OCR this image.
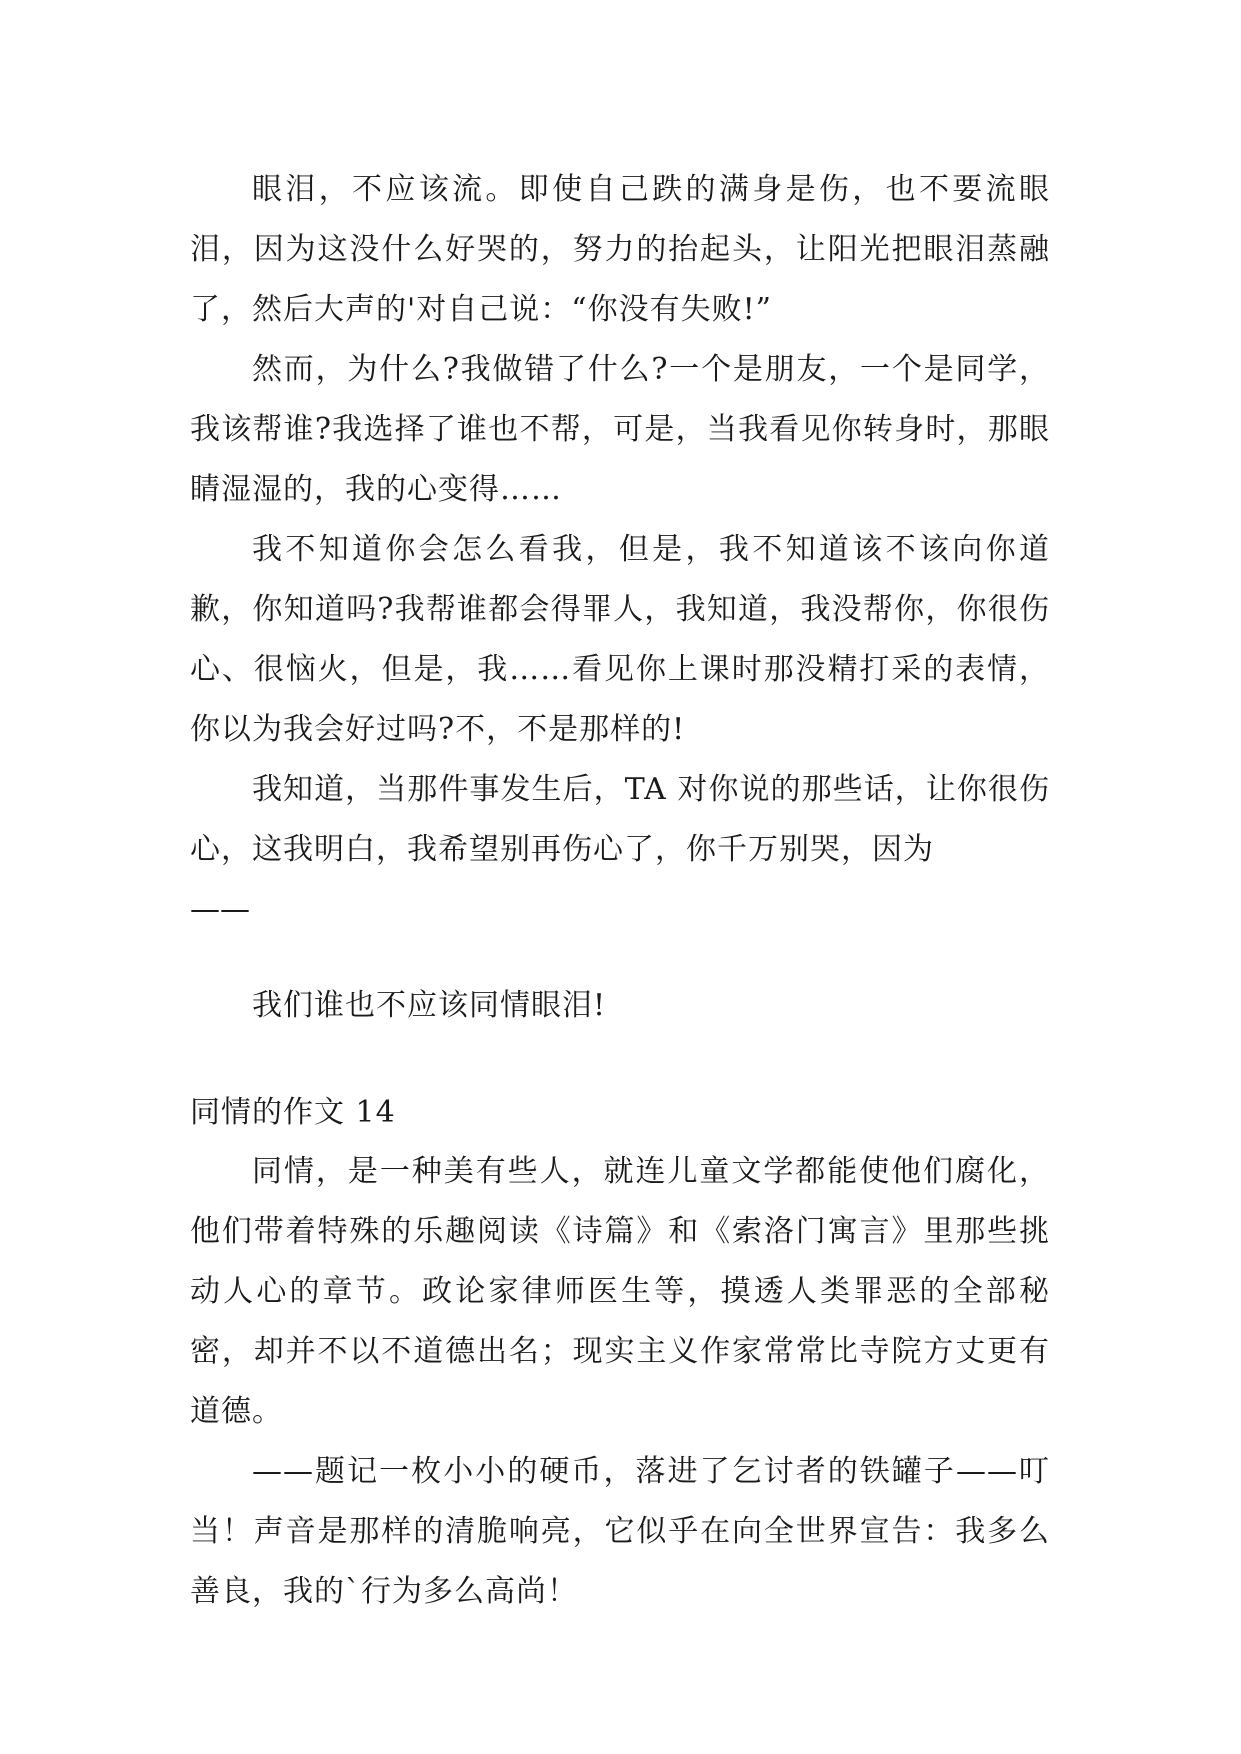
眼泪，不应该流。即使自己跌的满身是伤，也不要流眼泪，因为这没什么好哭的，努力的抬起头，让阳光把眼泪蒸融了，然后大声的'对自己说：“你没有失败!”

然而，为什么?我做错了什么?一个是朋友，一个是同学，我该帮谁?我选择了谁也不帮，可是，当我看见你转身时，那眼睛湿湿的，我的心变得……

我不知道你会怎么看我，但是，我不知道该不该向你道歉，你知道吗?我帮谁都会得罪人，我知道，我没帮你，你很伤心、很恼火，但是，我……看见你上课时那没精打采的表情，你以为我会好过吗?不，不是那样的!

我知道，当那件事发生后，TA 对你说的那些话，让你很伤心，这我明白，我希望别再伤心了，你千万别哭，因为

——

我们谁也不应该同情眼泪!

同情的作文 14

同情，是一种美有些人，就连儿童文学都能使他们腐化，他们带着特殊的乐趣阅读《诗篇》和《索洛门寓言》里那些挑动人心的章节。政论家律师医生等，摸透人类罪恶的全部秘密，却并不以不道德出名；现实主义作家常常比寺院方丈更有道德。

——题记一枚小小的硬币，落进了乞讨者的铁罐子——叮当！声音是那样的清脆响亮，它似乎在向全世界宣告：我多么善良，我的`行为多么高尚！
